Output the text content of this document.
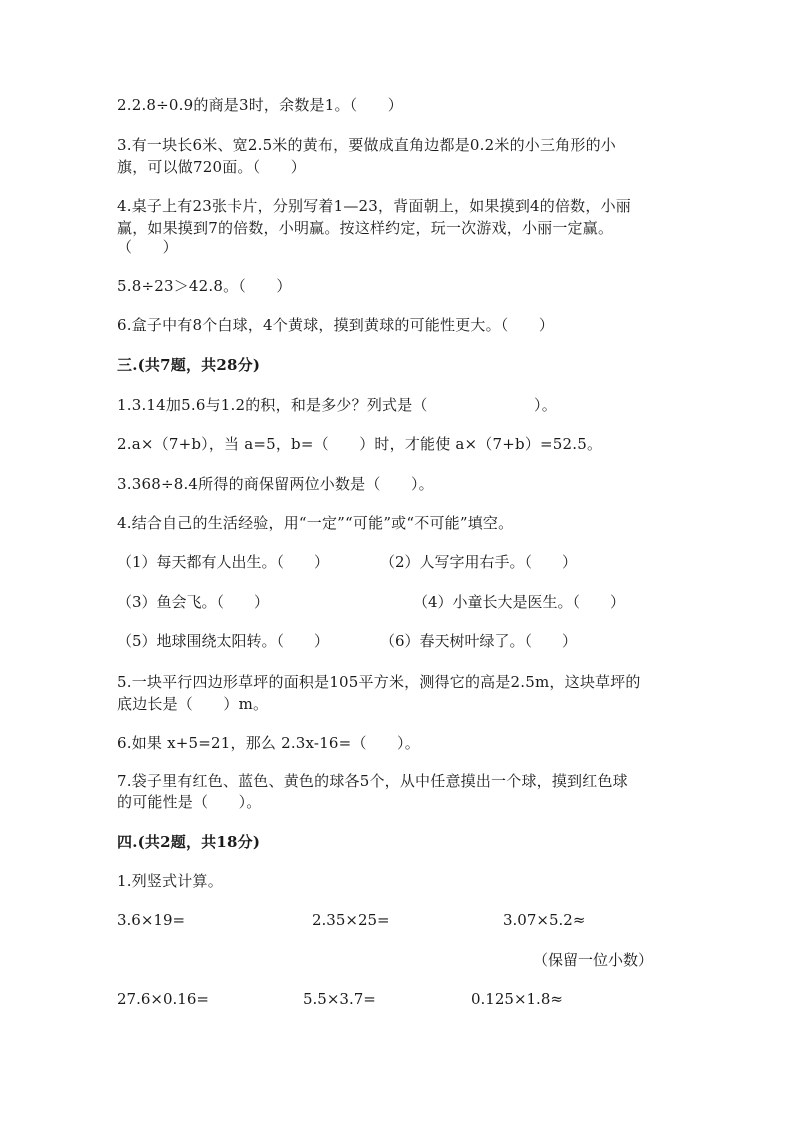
2.2.8÷0.9的商是3时，余数是1。（　　）
3.有一块长6米、宽2.5米的黄布，要做成直角边都是0.2米的小三角形的小
旗，可以做720面。（　　）
4.桌子上有23张卡片，分别写着1—23，背面朝上，如果摸到4的倍数，小丽
赢，如果摸到7的倍数，小明赢。按这样约定，玩一次游戏，小丽一定赢。
（　　）
5.8÷23＞42.8。（　　）
6.盒子中有8个白球，4个黄球，摸到黄球的可能性更大。（　　）
三.(共7题，共28分)
1.3.14加5.6与1.2的积，和是多少？列式是（　　　　　　　）。
2.a×（7+b），当 a=5，b=（　　）时，才能使 a×（7+b）=52.5。
3.368÷8.4所得的商保留两位小数是（　　）。
4.结合自己的生活经验，用“一定”“可能”或“不可能”填空。
（1）每天都有人出生。（　　）	（2）人写字用右手。（　　）
（3）鱼会飞。（　　）	（4）小童长大是医生。（　　）
（5）地球围绕太阳转。（　　）	（6）春天树叶绿了。（　　）
5.一块平行四边形草坪的面积是105平方米，测得它的高是2.5m，这块草坪的
底边长是（　　）m。
6.如果 x+5=21，那么 2.3x-16=（　　）。
7.袋子里有红色、蓝色、黄色的球各5个，从中任意摸出一个球，摸到红色球
的可能性是（　　）。
四.(共2题，共18分)
1.列竖式计算。
3.6×19=	2.35×25=	3.07×5.2≈
（保留一位小数）
27.6×0.16=	5.5×3.7=	0.125×1.8≈
